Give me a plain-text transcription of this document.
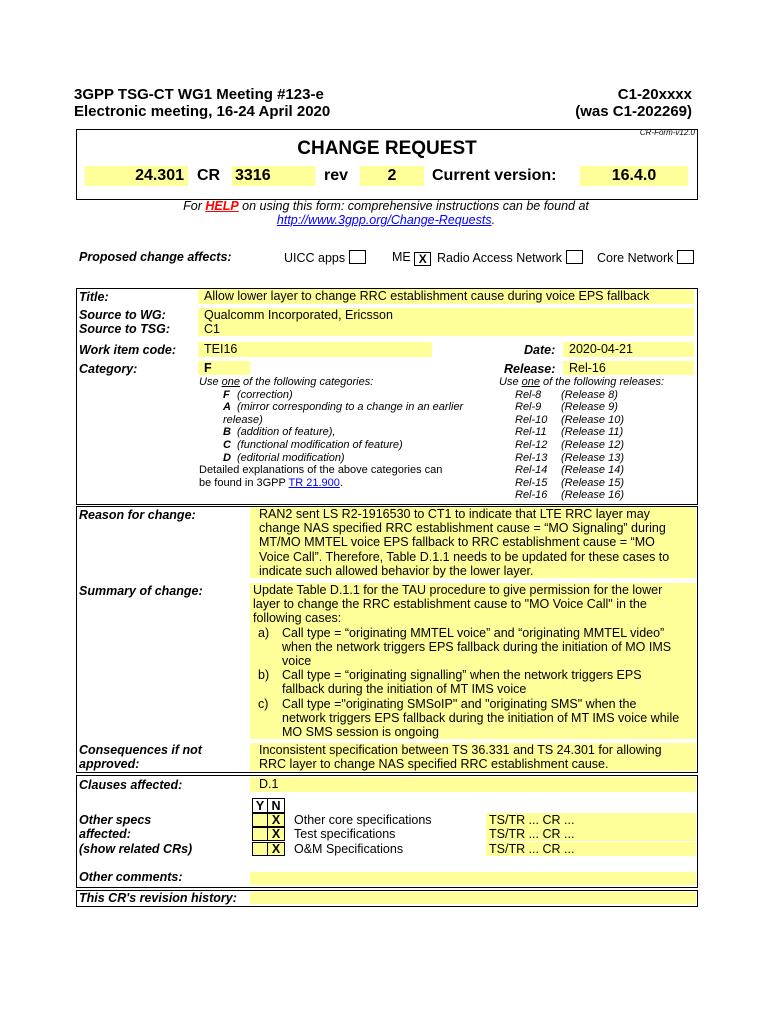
3GPP TSG-CT WG1 Meeting #123-e
Electronic meeting, 16-24 April 2020
C1-20xxxx
(was C1-202269)
CR-Form-v12.0
CHANGE REQUEST
24.301 CR 3316	rev	2	Current version:	16.4.0
For HELP on using this form: comprehensive instructions can be found at
http://www.3gpp.org/Change-Requests.
Proposed change affects:	UICC apps	ME X Radio Access Network	Core Network
Title:	Allow lower layer to change RRC establishment cause during voice EPS fallback
Source to WG:	Qualcomm Incorporated, Ericsson
Source to TSG:	C1
Work item code:	TEI16	Date:	2020-04-21
Category:	F	Release:	Rel-16
Use one of the following categories:
F (correction)
A (mirror corresponding to a change in an earlier
release)
B (addition of feature),
C (functional modification of feature)
D (editorial modification)
Detailed explanations of the above categories can
be found in 3GPP TR 21.900.
Use one of the following releases:
Rel-8 (Release 8)
Rel-9 (Release 9)
Rel-10 (Release 10)
Rel-11 (Release 11)
Rel-12 (Release 12)
Rel-13 (Release 13)
Rel-14 (Release 14)
Rel-15 (Release 15)
Rel-16 (Release 16)
Reason for change:	RAN2 sent LS R2-1916530 to CT1 to indicate that LTE RRC layer may
change NAS specified RRC establishment cause = “MO Signaling” during
MT/MO MMTEL voice EPS fallback to RRC establishment cause = “MO
Voice Call”. Therefore, Table D.1.1 needs to be updated for these cases to
indicate such allowed behavior by the lower layer.
Summary of change:	Update Table D.1.1 for the TAU procedure to give permission for the lower
layer to change the RRC establishment cause to "MO Voice Call" in the
following cases:
a) Call type = “originating MMTEL voice” and “originating MMTEL video”
when the network triggers EPS fallback during the initiation of MO IMS
voice
b) Call type = “originating signalling” when the network triggers EPS
fallback during the initiation of MT IMS voice
c) Call type ="originating SMSoIP" and "originating SMS" when the
network triggers EPS fallback during the initiation of MT IMS voice while
MO SMS session is ongoing
Consequences if not
approved:
Inconsistent specification between TS 36.331 and TS 24.301 for allowing
RRC layer to change NAS specified RRC establishment cause.
Clauses affected:	D.1
Y N
Other specs
affected:
(show related CRs)
X	Other core specifications	TS/TR ... CR ...
X	Test specifications	TS/TR ... CR ...
X	O&M Specifications	TS/TR ... CR ...
Other comments:
This CR's revision history:
